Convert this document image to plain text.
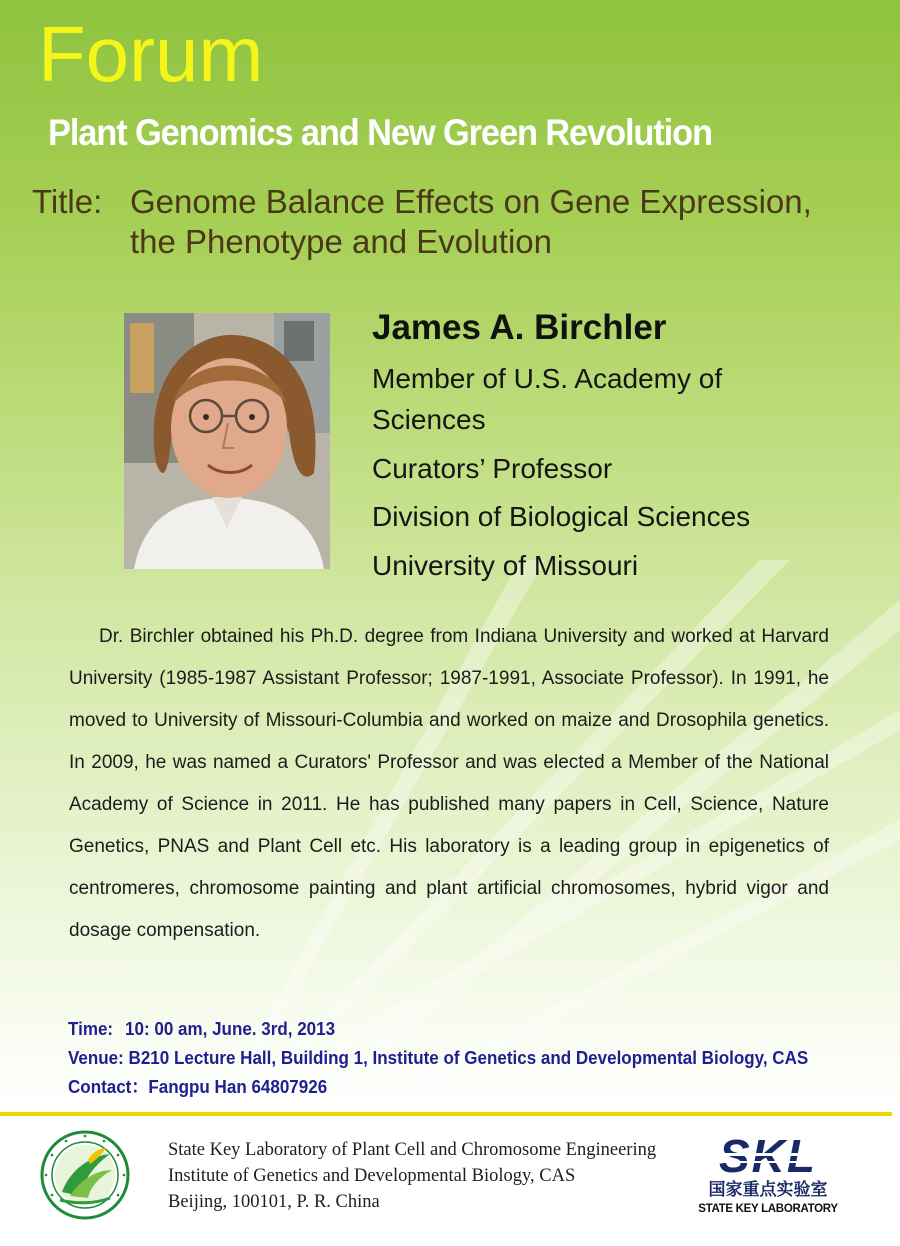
Forum
Plant Genomics and New Green Revolution
Title: Genome Balance Effects on Gene Expression,
the Phenotype and Evolution
James A. Birchler
Member of U.S. Academy of
Sciences
Curators’ Professor
Division of Biological Sciences
University of Missouri

Dr. Birchler obtained his Ph.D. degree from Indiana University and worked at Harvard University (1985-1987 Assistant Professor; 1987-1991, Associate Professor). In 1991, he moved to University of Missouri-Columbia and worked on maize and Drosophila genetics. In 2009, he was named a Curators' Professor and was elected a Member of the National Academy of Science in 2011. He has published many papers in Cell, Science, Nature Genetics, PNAS and Plant Cell etc. His laboratory is a leading group in epigenetics of centromeres, chromosome painting and plant artificial chromosomes, hybrid vigor and dosage compensation.

Time: 10: 00 am, June. 3rd, 2013
Venue: B210 Lecture Hall, Building 1, Institute of Genetics and Developmental Biology, CAS
Contact：Fangpu Han 64807926
State Key Laboratory of Plant Cell and Chromosome Engineering
Institute of Genetics and Developmental Biology, CAS
Beijing, 100101, P. R. China
国家重点实验室
STATE KEY LABORATORY
